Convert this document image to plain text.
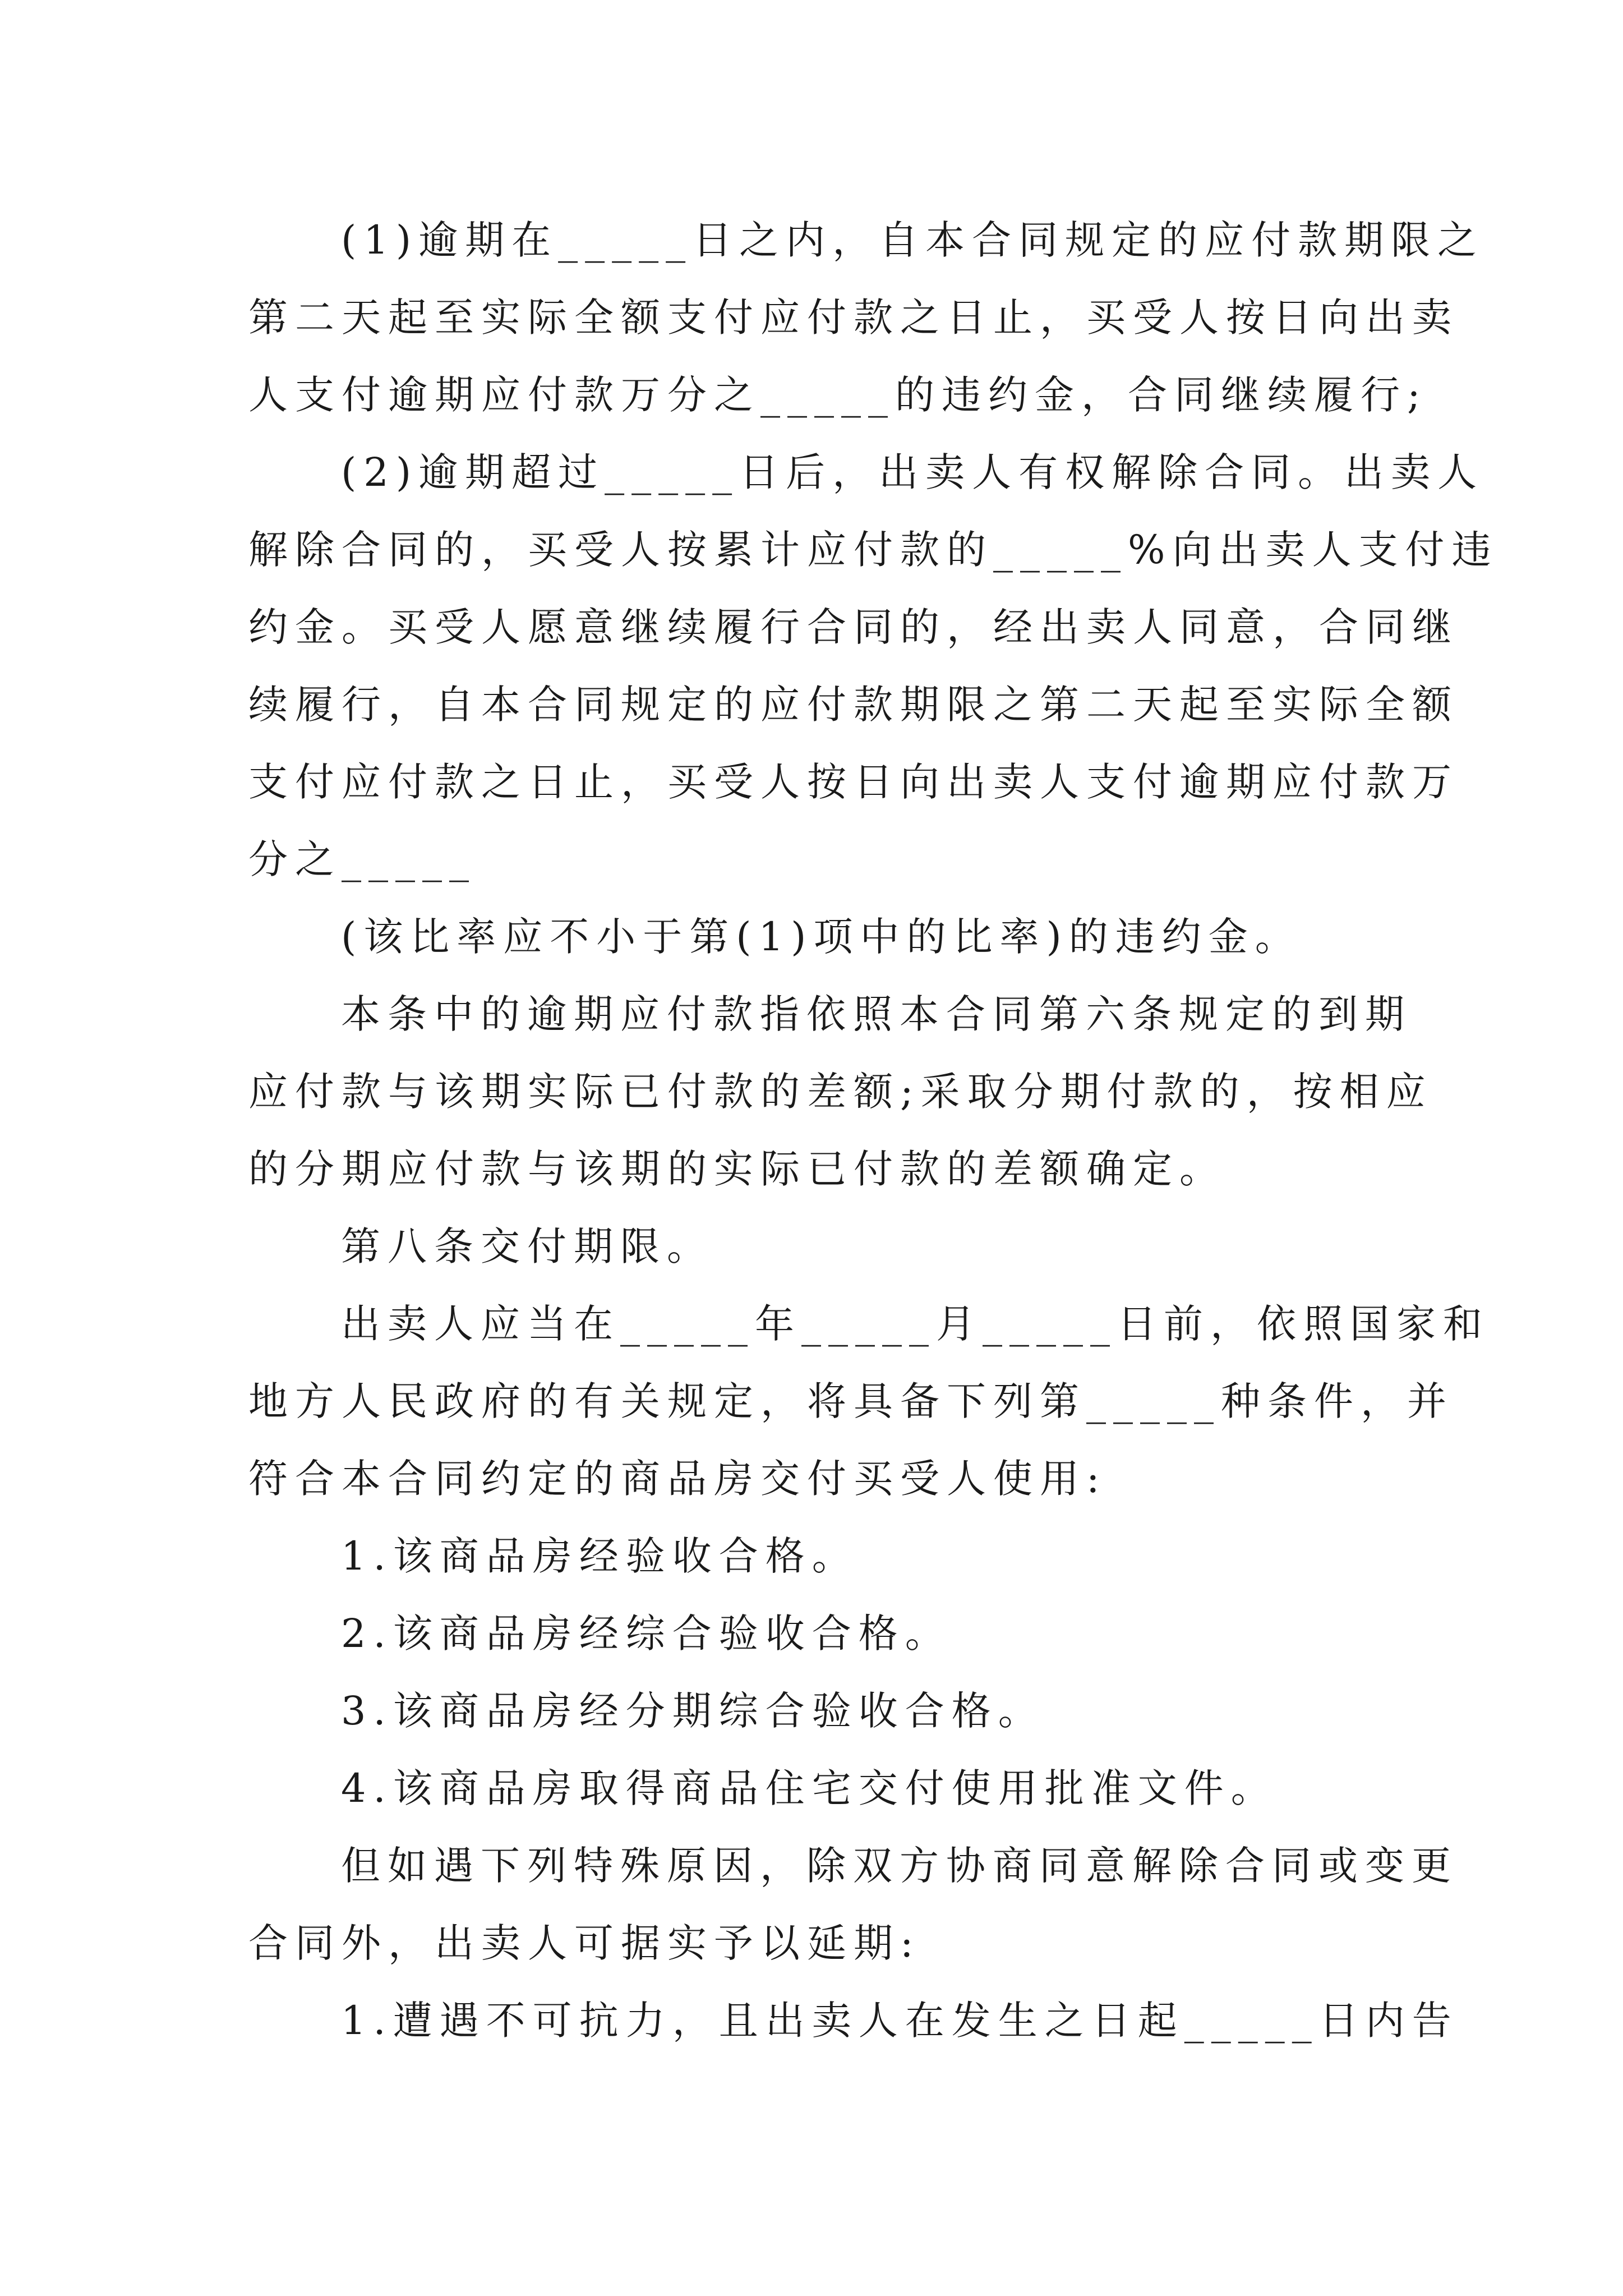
(1)逾期在_____日之内，自本合同规定的应付款期限之
第二天起至实际全额支付应付款之日止，买受人按日向出卖
人支付逾期应付款万分之_____的违约金，合同继续履行;
(2)逾期超过_____日后，出卖人有权解除合同。出卖人
解除合同的，买受人按累计应付款的_____%向出卖人支付违
约金。买受人愿意继续履行合同的，经出卖人同意，合同继
续履行，自本合同规定的应付款期限之第二天起至实际全额
支付应付款之日止，买受人按日向出卖人支付逾期应付款万
分之_____
(该比率应不小于第(1)项中的比率)的违约金。
本条中的逾期应付款指依照本合同第六条规定的到期
应付款与该期实际已付款的差额;采取分期付款的，按相应
的分期应付款与该期的实际已付款的差额确定。
第八条交付期限。
出卖人应当在_____年_____月_____日前，依照国家和
地方人民政府的有关规定，将具备下列第_____种条件，并
符合本合同约定的商品房交付买受人使用:
1.该商品房经验收合格。
2.该商品房经综合验收合格。
3.该商品房经分期综合验收合格。
4.该商品房取得商品住宅交付使用批准文件。
但如遇下列特殊原因，除双方协商同意解除合同或变更
合同外，出卖人可据实予以延期:
1.遭遇不可抗力，且出卖人在发生之日起_____日内告
